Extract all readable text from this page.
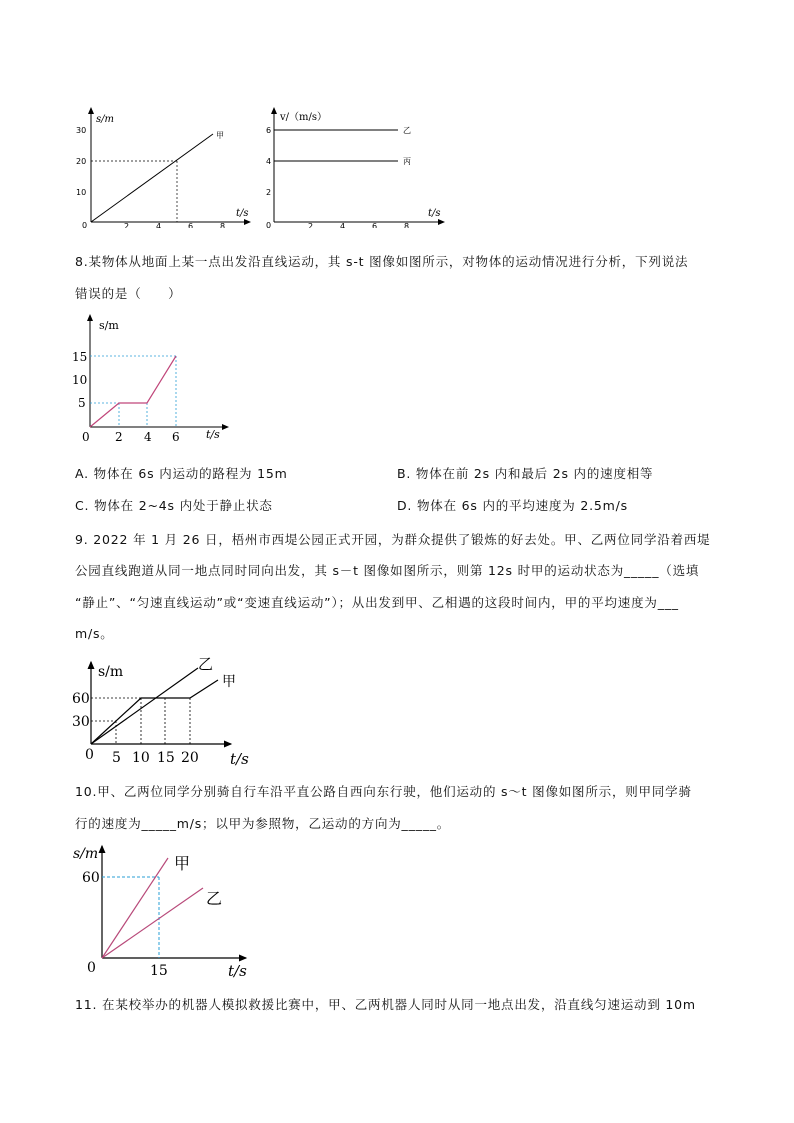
s/m
t/s
30
20
10
0	2	4	6	8
甲
v/（m/s）
t/s
6
4
2
0	2	4	6	8
乙
丙
8.某物体从地面上某一点出发沿直线运动，其 s-t 图像如图所示，对物体的运动情况进行分析，下列说法
错误的是（　　）
s/m
t/s
15
10
5
0 2 4 6
A. 物体在 6s 内运动的路程为 15m	B. 物体在前 2s 内和最后 2s 内的速度相等
C. 物体在 2~4s 内处于静止状态	D. 物体在 6s 内的平均速度为 2.5m/s
9. 2022 年 1 月 26 日，梧州市西堤公园正式开园，为群众提供了锻炼的好去处。甲、乙两位同学沿着西堤
公园直线跑道从同一地点同时同向出发，其 s－t 图像如图所示，则第 12s 时甲的运动状态为_____（选填
“静止”、“匀速直线运动”或“变速直线运动”）；从出发到甲、乙相遇的这段时间内，甲的平均速度为___
m/s。
s/m
t/s
60
30
0 5 10 15 20
乙
甲
10.甲、乙两位同学分别骑自行车沿平直公路自西向东行驶，他们运动的 s～t 图像如图所示，则甲同学骑
行的速度为_____m/s；以甲为参照物，乙运动的方向为_____。
s/m
t/s
60
0	15
甲
乙
11. 在某校举办的机器人模拟救援比赛中，甲、乙两机器人同时从同一地点出发，沿直线匀速运动到 10m
